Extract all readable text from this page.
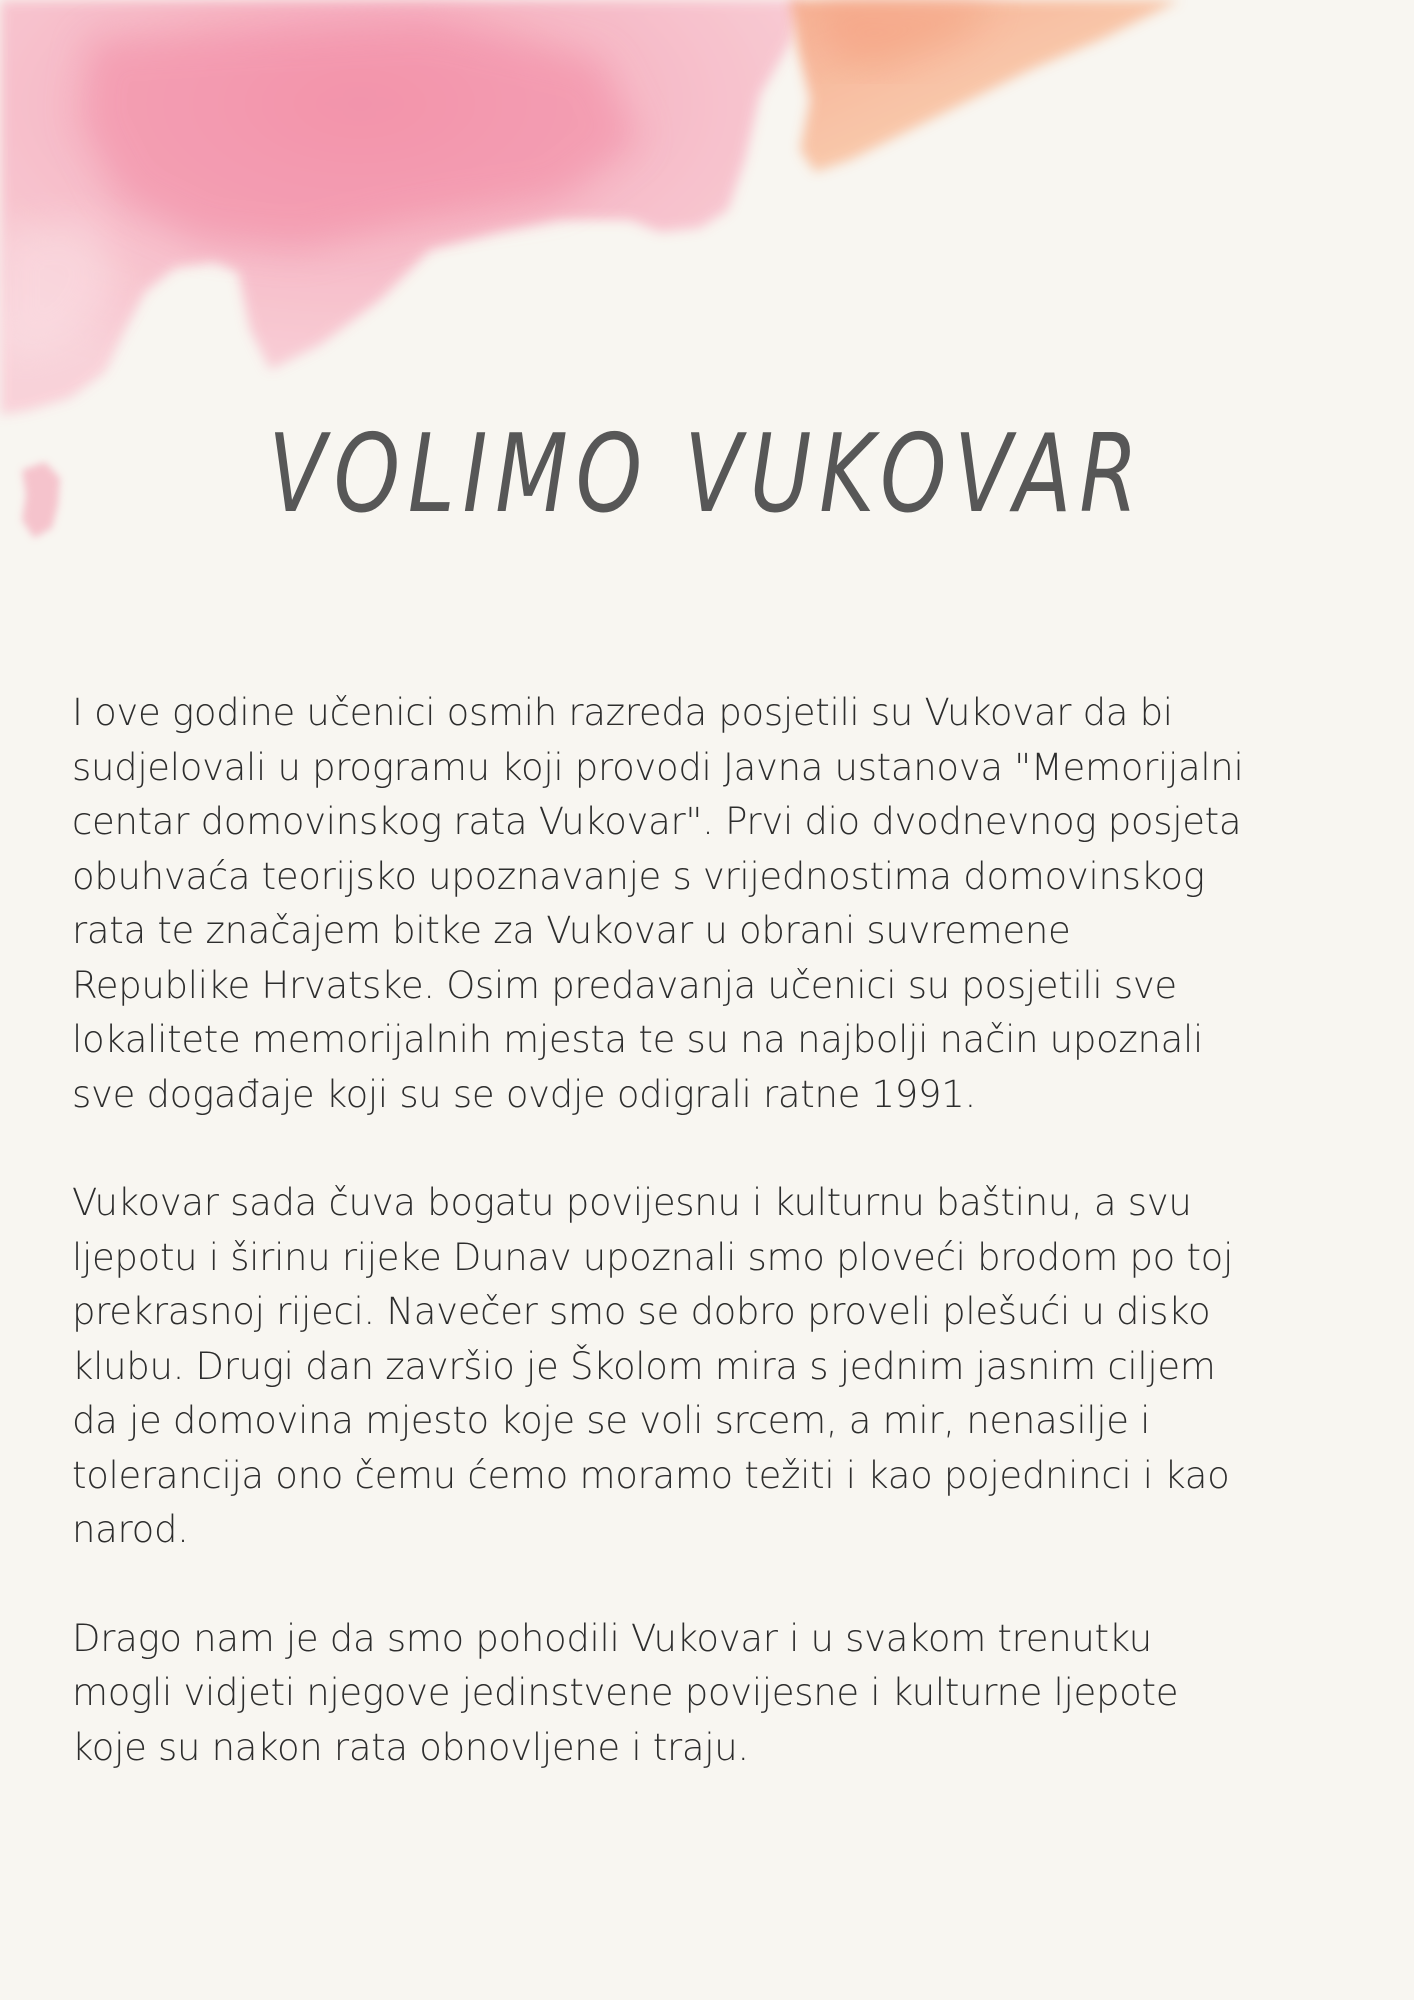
VOLIMO VUKOVAR

I ove godine učenici osmih razreda posjetili su Vukovar da bi
sudjelovali u programu koji provodi Javna ustanova "Memorijalni
centar domovinskog rata Vukovar". Prvi dio dvodnevnog posjeta
obuhvaća teorijsko upoznavanje s vrijednostima domovinskog
rata te značajem bitke za Vukovar u obrani suvremene
Republike Hrvatske. Osim predavanja učenici su posjetili sve
lokalitete memorijalnih mjesta te su na najbolji način upoznali
sve događaje koji su se ovdje odigrali ratne 1991.

Vukovar sada čuva bogatu povijesnu i kulturnu baštinu, a svu
ljepotu i širinu rijeke Dunav upoznali smo ploveći brodom po toj
prekrasnoj rijeci. Navečer smo se dobro proveli plešući u disko
klubu. Drugi dan završio je Školom mira s jednim jasnim ciljem
da je domovina mjesto koje se voli srcem, a mir, nenasilje i
tolerancija ono čemu ćemo moramo težiti i kao pojedninci i kao
narod.

Drago nam je da smo pohodili Vukovar i u svakom trenutku
mogli vidjeti njegove jedinstvene povijesne i kulturne ljepote
koje su nakon rata obnovljene i traju.
